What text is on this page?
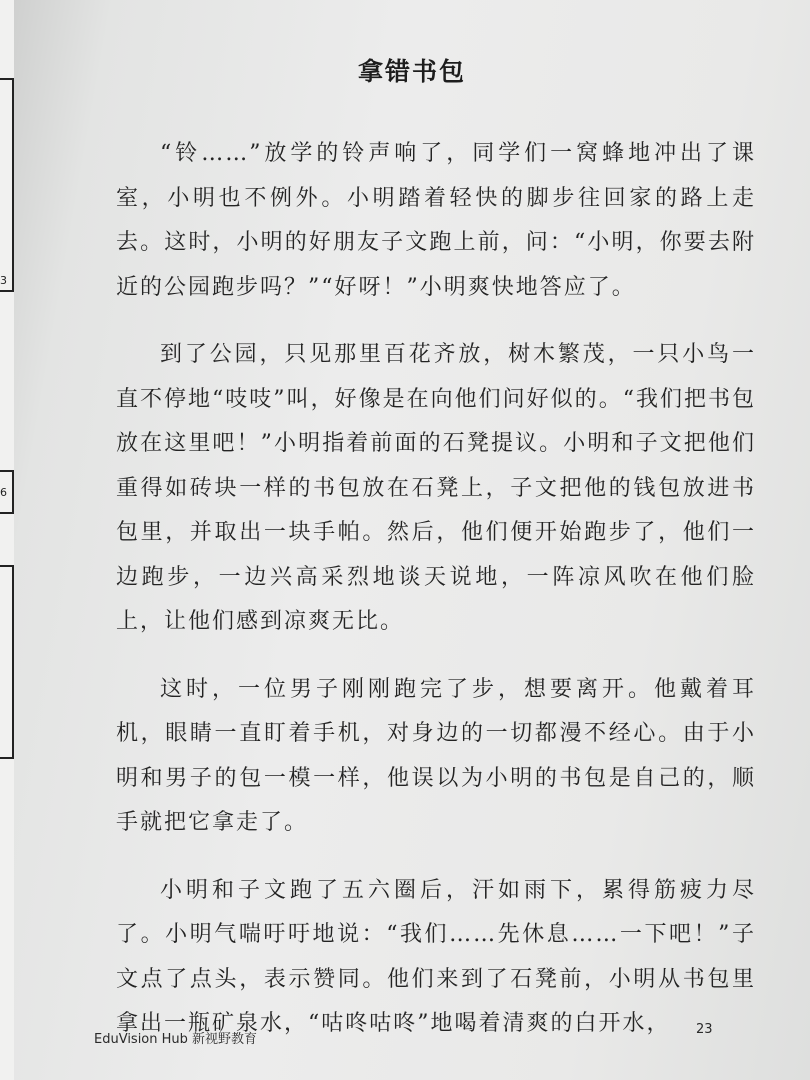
3
6
拿错书包

“铃……”放学的铃声响了，同学们一窝蜂地冲出了课室，小明也不例外。小明踏着轻快的脚步往回家的路上走去。这时，小明的好朋友子文跑上前，问：“小明，你要去附近的公园跑步吗？”“好呀！”小明爽快地答应了。

到了公园，只见那里百花齐放，树木繁茂，一只小鸟一直不停地“吱吱”叫，好像是在向他们问好似的。“我们把书包放在这里吧！”小明指着前面的石凳提议。小明和子文把他们重得如砖块一样的书包放在石凳上，子文把他的钱包放进书包里，并取出一块手帕。然后，他们便开始跑步了，他们一边跑步，一边兴高采烈地谈天说地，一阵凉风吹在他们脸上，让他们感到凉爽无比。

这时，一位男子刚刚跑完了步，想要离开。他戴着耳机，眼睛一直盯着手机，对身边的一切都漫不经心。由于小明和男子的包一模一样，他误以为小明的书包是自己的，顺手就把它拿走了。

小明和子文跑了五六圈后，汗如雨下，累得筋疲力尽了。小明气喘吁吁地说：“我们……先休息……一下吧！”子文点了点头，表示赞同。他们来到了石凳前，小明从书包里拿出一瓶矿泉水，“咕咚咕咚”地喝着清爽的白开水，

EduVision Hub 新视野教育
23
